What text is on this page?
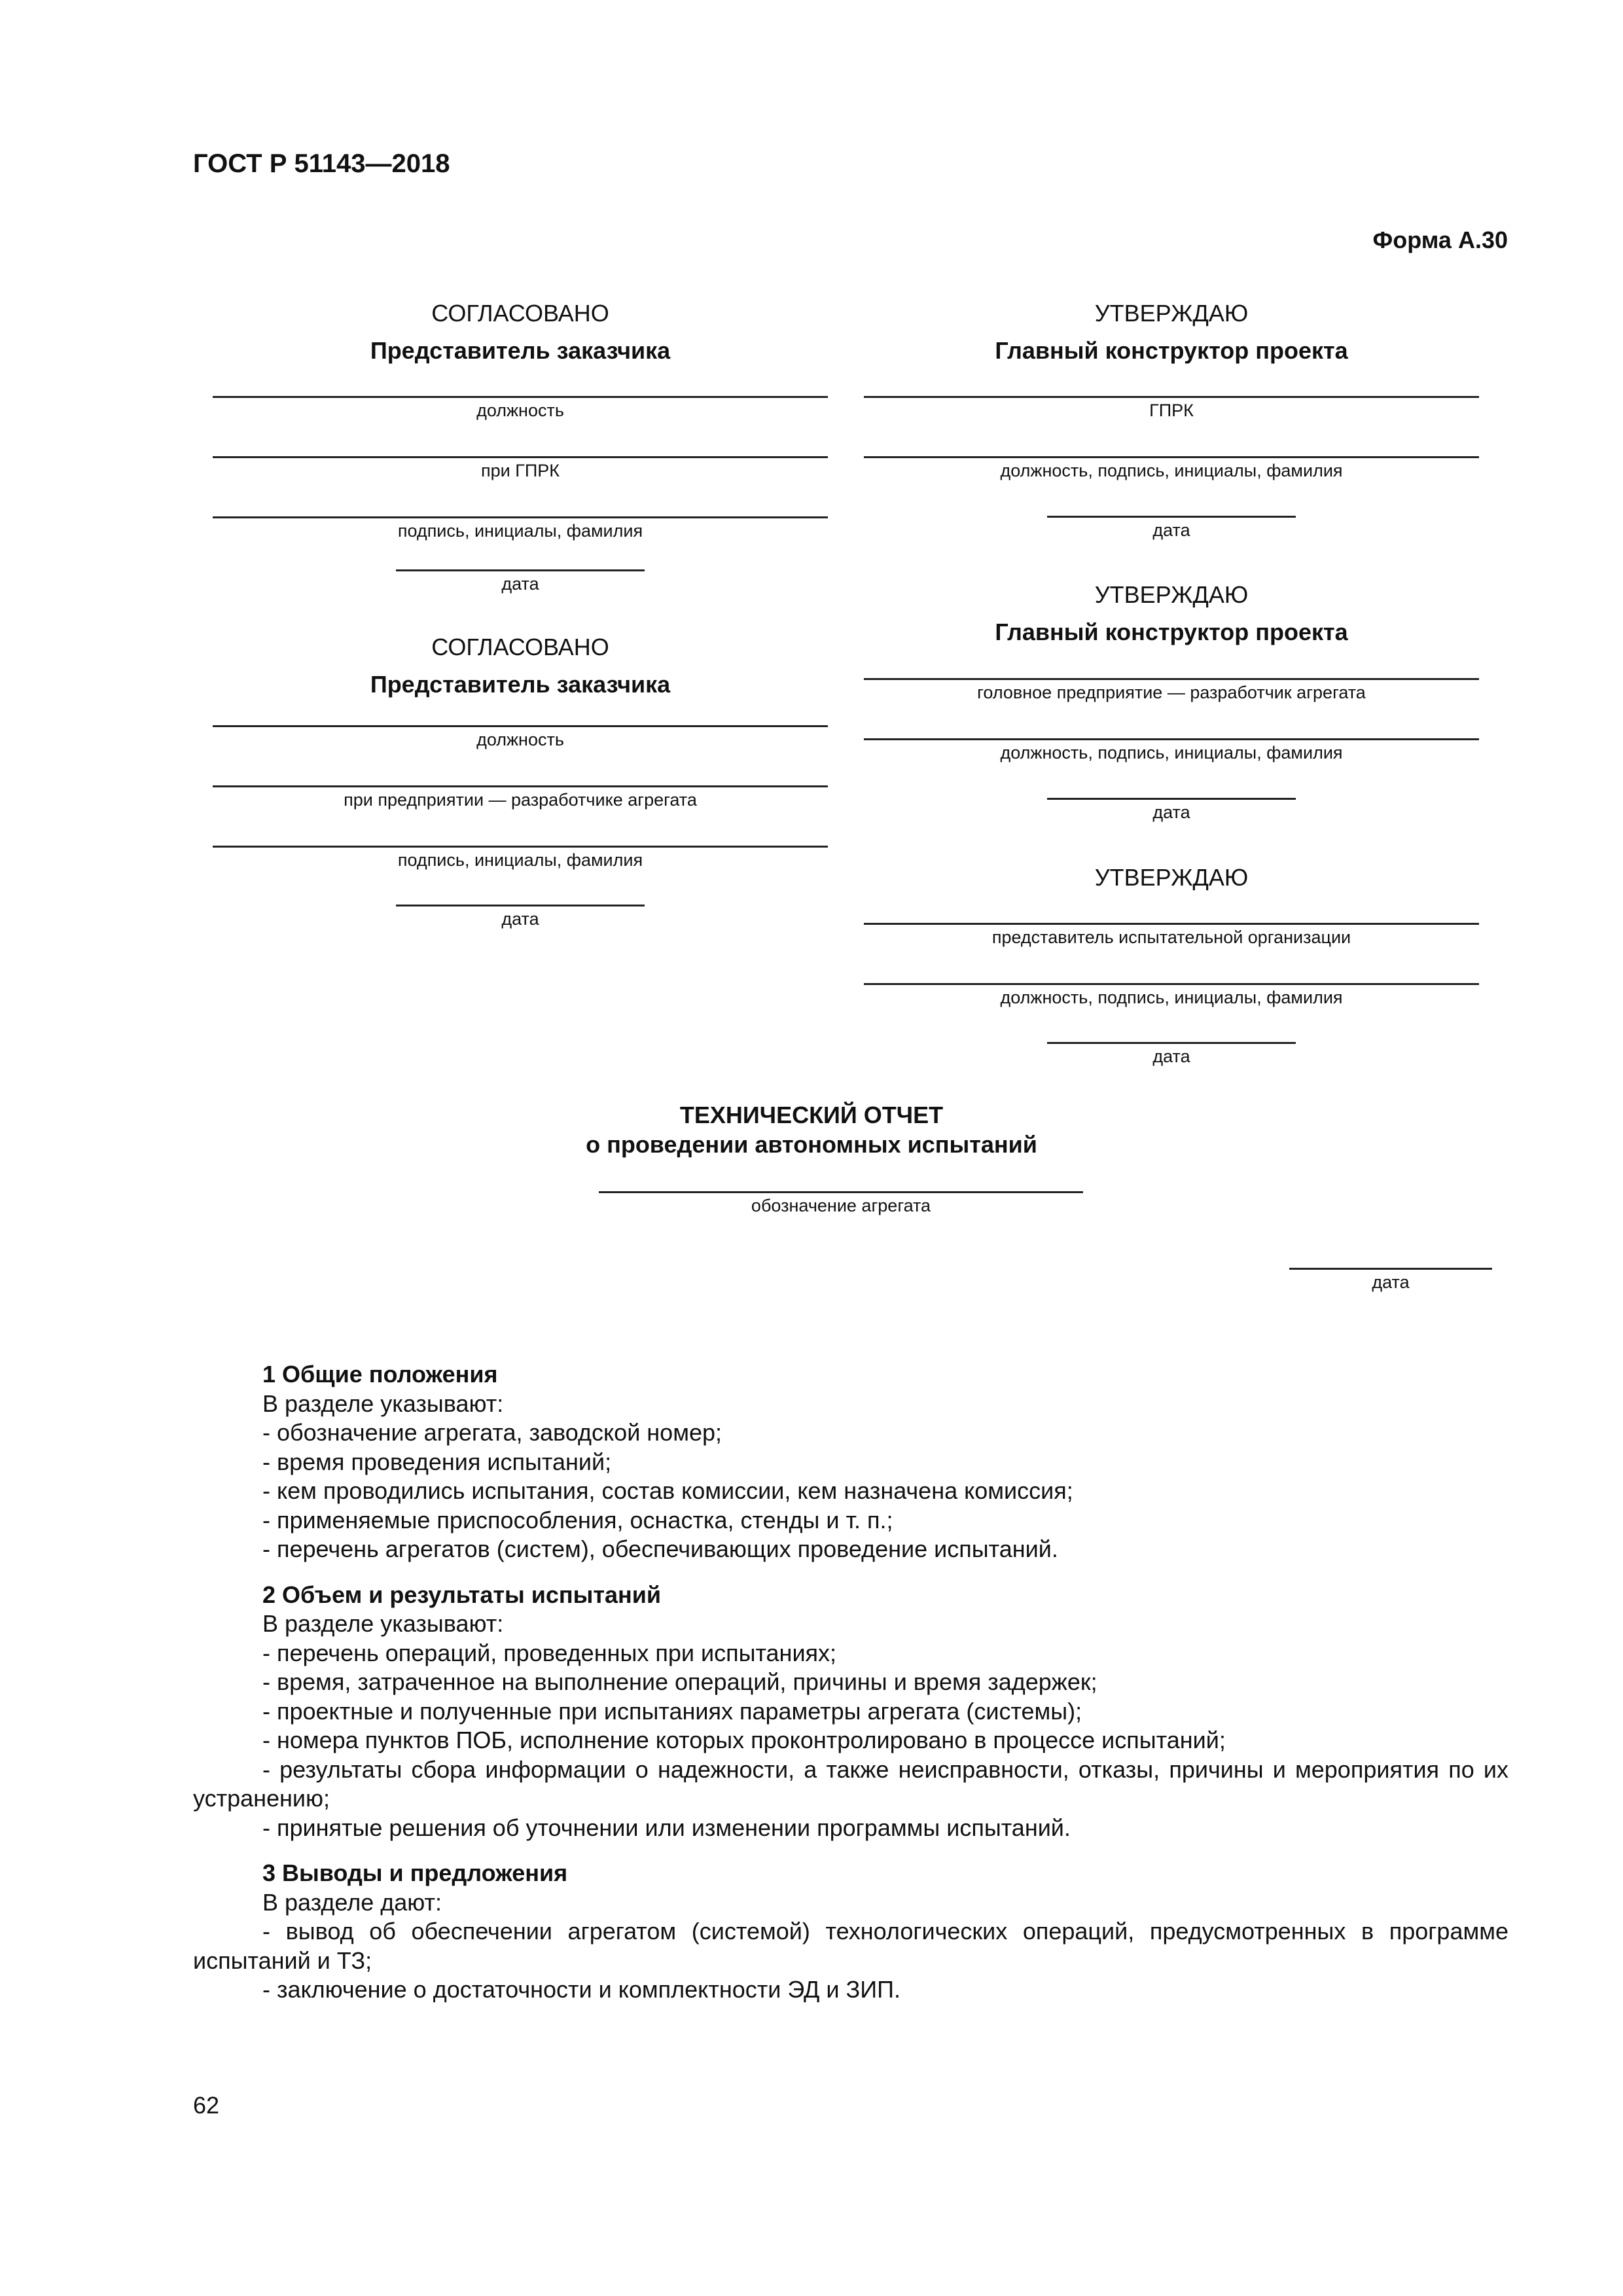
ГОСТ Р 51143—2018
Форма А.30
СОГЛАСОВАНО
Представитель заказчика
должность
при ГПРК
подпись, инициалы, фамилия
дата
СОГЛАСОВАНО
Представитель заказчика
должность
при предприятии — разработчике агрегата
подпись, инициалы, фамилия
дата
УТВЕРЖДАЮ
Главный конструктор проекта
ГПРК
должность, подпись, инициалы, фамилия
дата
УТВЕРЖДАЮ
Главный конструктор проекта
головное предприятие — разработчик агрегата
должность, подпись, инициалы, фамилия
дата
УТВЕРЖДАЮ
представитель испытательной организации
должность, подпись, инициалы, фамилия
дата
ТЕХНИЧЕСКИЙ ОТЧЕТ
о проведении автономных испытаний
обозначение агрегата
дата

1 Общие положения

В разделе указывают:

- обозначение агрегата, заводской номер;

- время проведения испытаний;

- кем проводились испытания, состав комиссии, кем назначена комиссия;

- применяемые приспособления, оснастка, стенды и т. п.;

- перечень агрегатов (систем), обеспечивающих проведение испытаний.

2 Объем и результаты испытаний

В разделе указывают:

- перечень операций, проведенных при испытаниях;

- время, затраченное на выполнение операций, причины и время задержек;

- проектные и полученные при испытаниях параметры агрегата (системы);

- номера пунктов ПОБ, исполнение которых проконтролировано в процессе испытаний;

- результаты сбора информации о надежности, а также неисправности, отказы, причины и мероприятия по их устранению;

- принятые решения об уточнении или изменении программы испытаний.

3 Выводы и предложения

В разделе дают:

- вывод об обеспечении агрегатом (системой) технологических операций, предусмотренных в программе испытаний и ТЗ;

- заключение о достаточности и комплектности ЭД и ЗИП.

62
